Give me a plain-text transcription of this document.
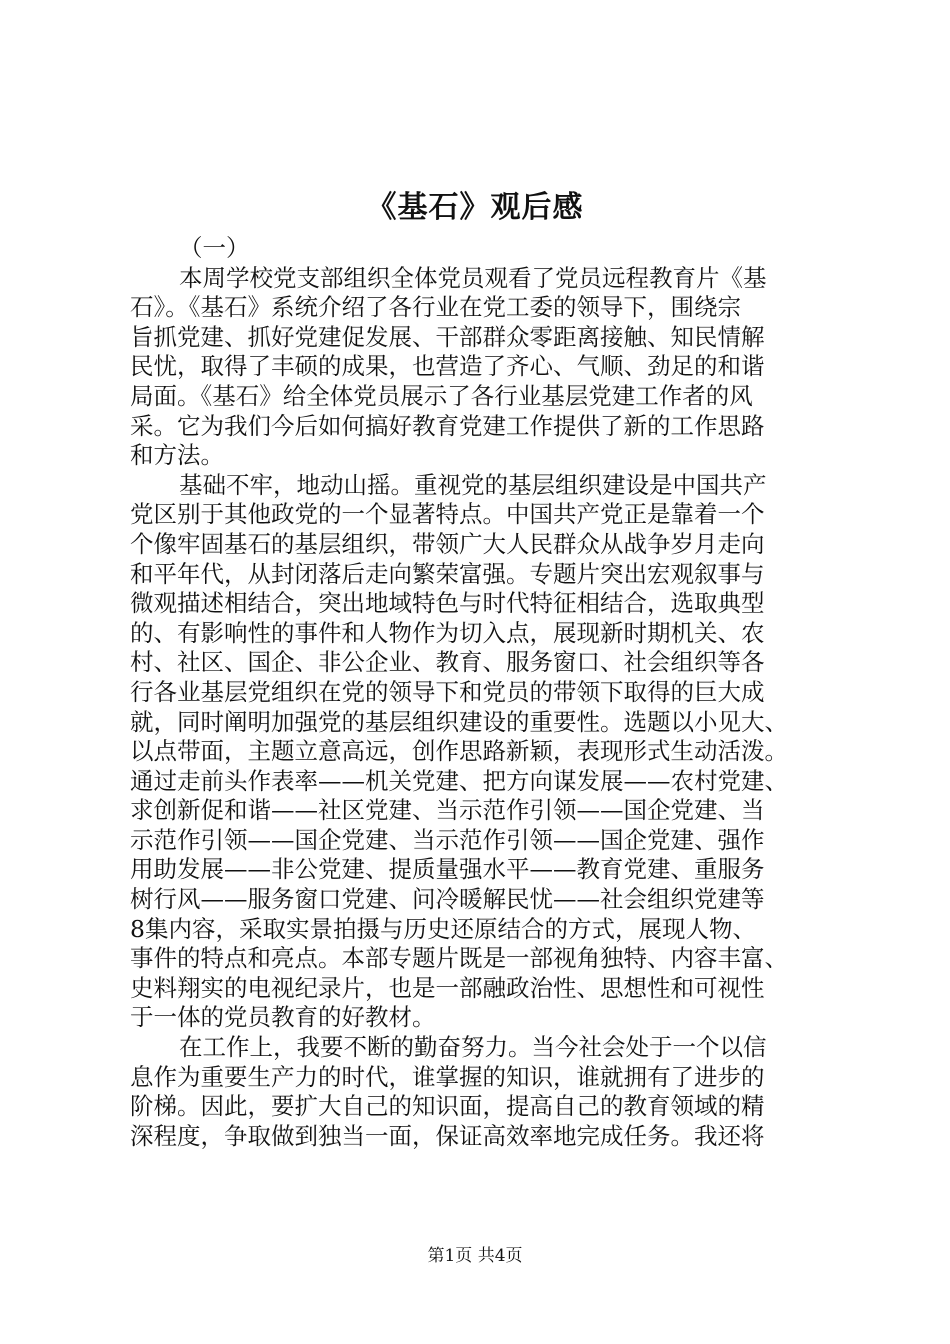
《基石》观后感
（一）
本周学校党支部组织全体党员观看了党员远程教育片《基
石》。《基石》系统介绍了各行业在党工委的领导下，围绕宗
旨抓党建、抓好党建促发展、干部群众零距离接触、知民情解
民忧，取得了丰硕的成果，也营造了齐心、气顺、劲足的和谐
局面。《基石》给全体党员展示了各行业基层党建工作者的风
采。它为我们今后如何搞好教育党建工作提供了新的工作思路
和方法。
基础不牢，地动山摇。重视党的基层组织建设是中国共产
党区别于其他政党的一个显著特点。中国共产党正是靠着一个
个像牢固基石的基层组织，带领广大人民群众从战争岁月走向
和平年代，从封闭落后走向繁荣富强。专题片突出宏观叙事与
微观描述相结合，突出地域特色与时代特征相结合，选取典型
的、有影响性的事件和人物作为切入点，展现新时期机关、农
村、社区、国企、非公企业、教育、服务窗口、社会组织等各
行各业基层党组织在党的领导下和党员的带领下取得的巨大成
就，同时阐明加强党的基层组织建设的重要性。选题以小见大、
以点带面，主题立意高远，创作思路新颖，表现形式生动活泼。
通过走前头作表率——机关党建、把方向谋发展——农村党建、
求创新促和谐——社区党建、当示范作引领——国企党建、当
示范作引领——国企党建、当示范作引领——国企党建、强作
用助发展——非公党建、提质量强水平——教育党建、重服务
树行风——服务窗口党建、问冷暖解民忧——社会组织党建等
8集内容，采取实景拍摄与历史还原结合的方式，展现人物、
事件的特点和亮点。本部专题片既是一部视角独特、内容丰富、
史料翔实的电视纪录片，也是一部融政治性、思想性和可视性
于一体的党员教育的好教材。
在工作上，我要不断的勤奋努力。当今社会处于一个以信
息作为重要生产力的时代，谁掌握的知识，谁就拥有了进步的
阶梯。因此，要扩大自己的知识面，提高自己的教育领域的精
深程度，争取做到独当一面，保证高效率地完成任务。我还将
第1页 共4页
